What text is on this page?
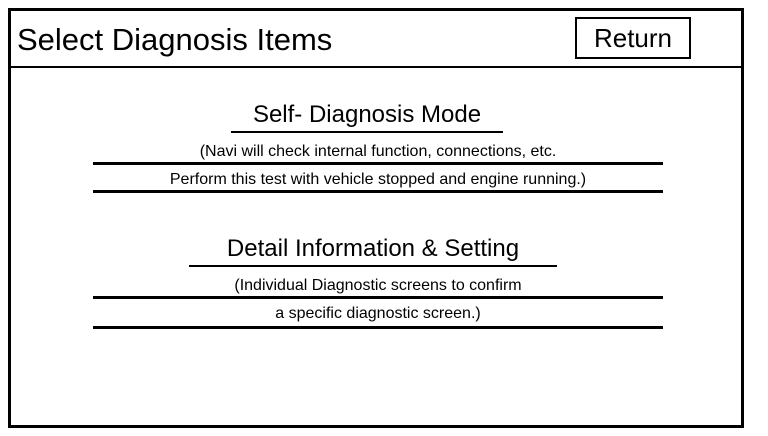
Select Diagnosis Items	Return
Self- Diagnosis Mode
(Navi will check internal function, connections, etc.
Perform this test with vehicle stopped and engine running.)
Detail Information & Setting
(Individual Diagnostic screens to confirm
a specific diagnostic screen.)
